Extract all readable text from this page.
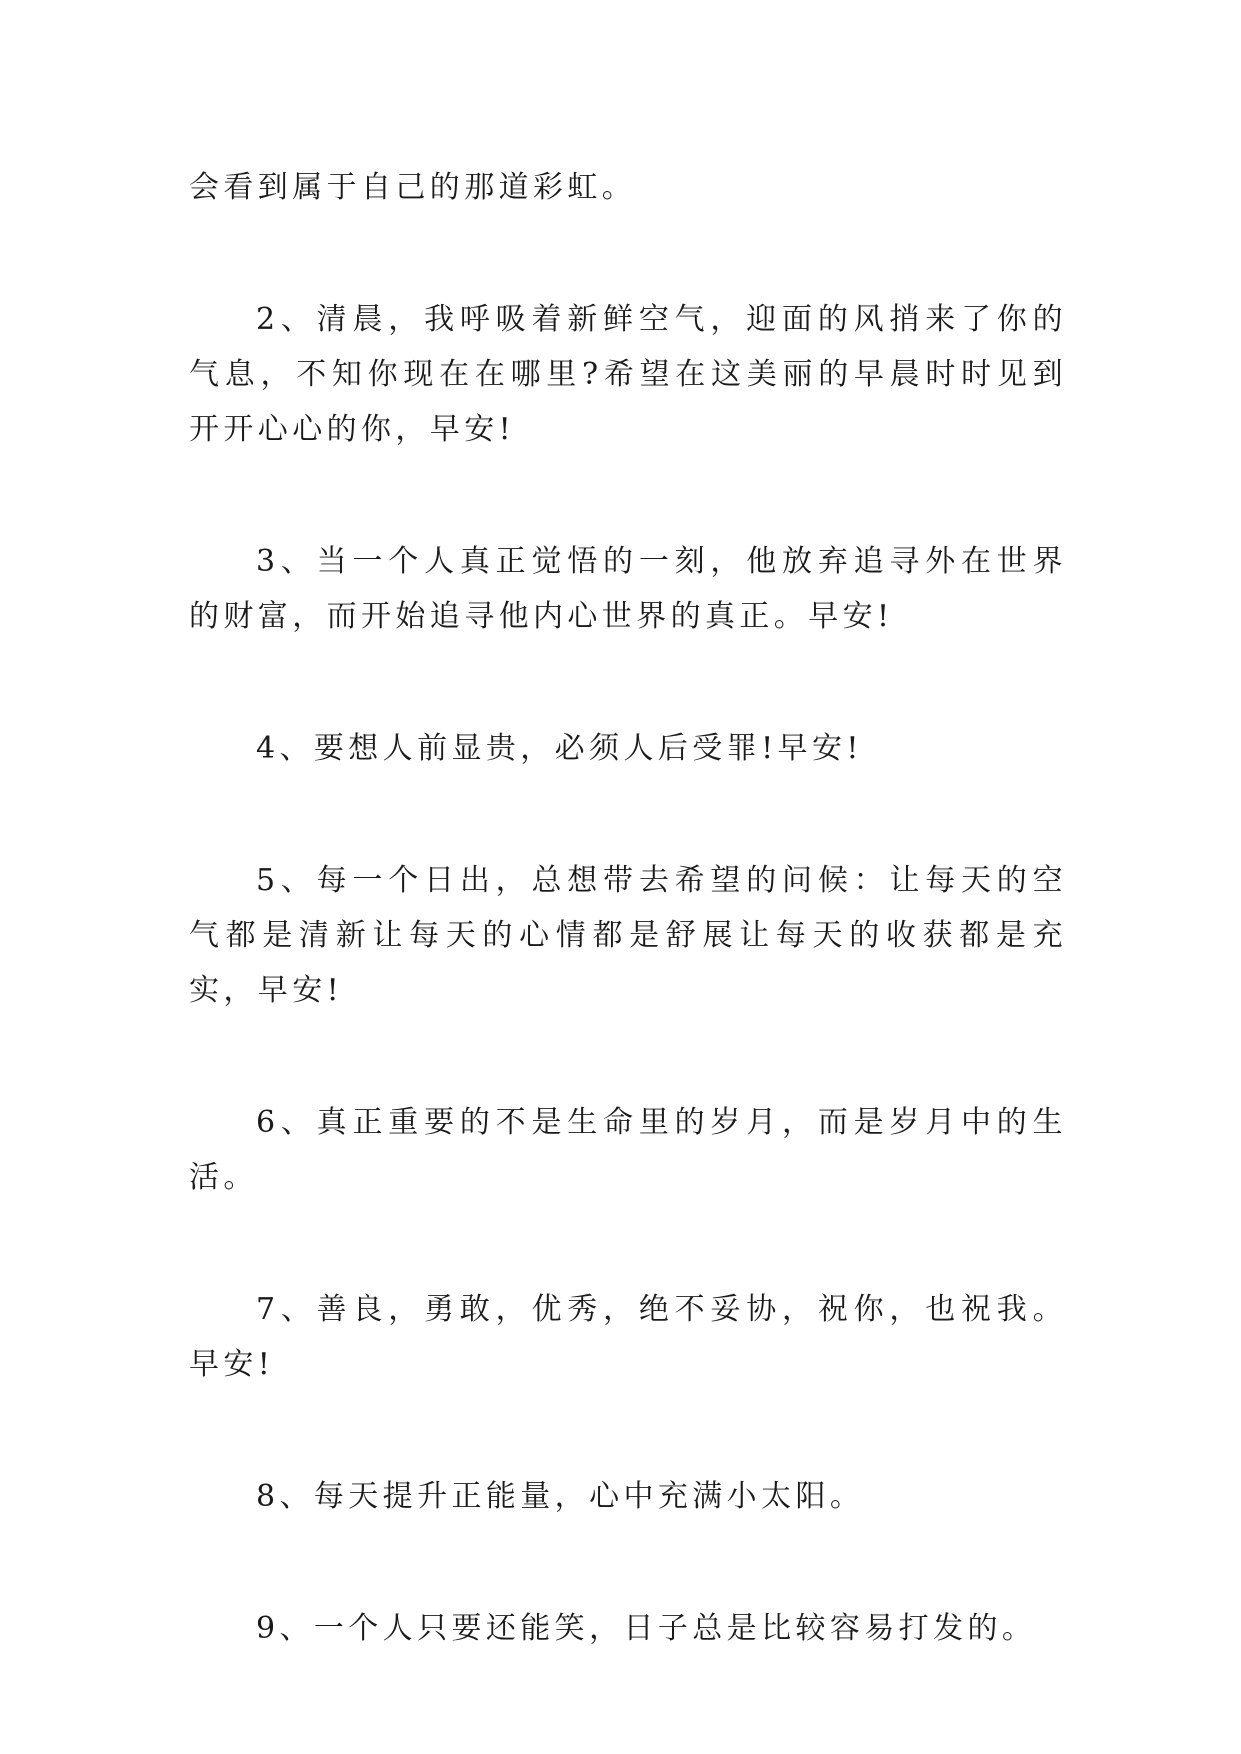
会看到属于自己的那道彩虹。

2、清晨，我呼吸着新鲜空气，迎面的风捎来了你的气息，不知你现在在哪里?希望在这美丽的早晨时时见到开开心心的你，早安!

3、当一个人真正觉悟的一刻，他放弃追寻外在世界的财富，而开始追寻他内心世界的真正。早安!

4、要想人前显贵，必须人后受罪!早安!

5、每一个日出，总想带去希望的问候：让每天的空气都是清新让每天的心情都是舒展让每天的收获都是充实，早安!

6、真正重要的不是生命里的岁月，而是岁月中的生活。

7、善良，勇敢，优秀，绝不妥协，祝你，也祝我。早安!

8、每天提升正能量，心中充满小太阳。

9、一个人只要还能笑，日子总是比较容易打发的。
